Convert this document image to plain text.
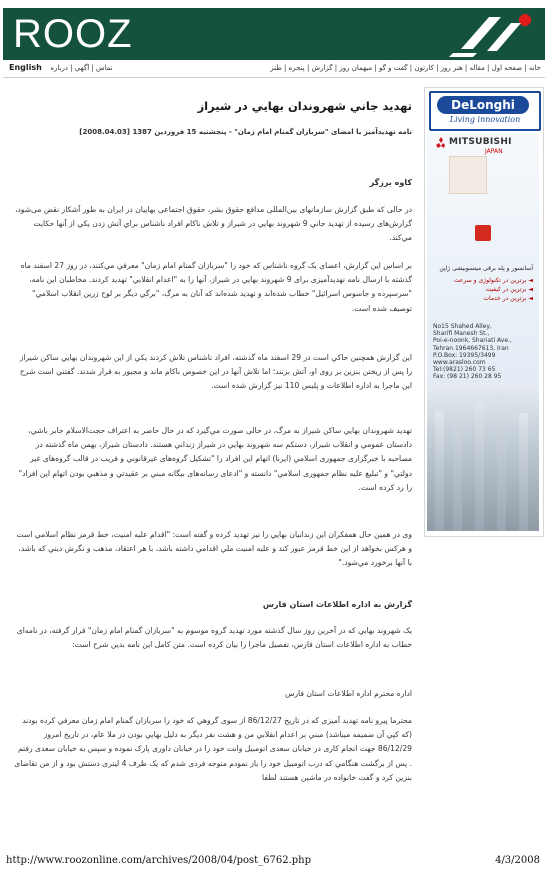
ROOZ
English تماس | آگهي | درباره	خانه | صفحه اول | مقاله | هنر روز | کارتون | گفت و گو | میهمان روز | گزارش | پنجره | طنز
DeLonghi
Living innovation
MITSUBISHI
JAPAN
آسانسور و پله برقی میتسوبیشی ژاپن
◄ برترین در تکنولوژی و سرعت
◄ برترین در کیفیت
◄ برترین در خدمات
No15 Shahed Alley,
Sharifi Manesh St.,
Poi-e-noonk, Shariati Ave.,
Tehran 1964667613, Iran
P.O.Box: 19395/3499
www.arasloo.com
Tel:(9821) 260 73 65
Fax: (98 21) 260 28 95
تهديد جاني شهروندان بهايي در شيراز
نامه تهديدآميز با امضای "سربازان گمنام امام زمان" - پنجشنبه 15 فروردين 1387 [2008.04.03]
کاوه برزگر
در حالی که طبق گزارش سازمانهای بین‌المللی مدافع حقوق بشر، حقوق اجتماعی بهاییان در ايران به طور آشکار نقض می‌شود، گزارش‌های رسیده از تهديد جاني 9 شهروند بهايي در شيراز و تلاش ناکام افراد ناشناس براي آتش زدن يکي از آنها حکايت مي‌کند.
بر اساس اين گزارش، اعضای يک گروه ناشناس که خود را "سربازان گمنام امام زمان" معرفي مي‌کنند، در روز 27 اسفند ماه گذشته با ارسال نامه تهديدآميزی برای 9 شهروند بهايي در شيراز، آنها را به "اعدام انقلابي" تهديد کردند. مخاطبان اين نامه، "سرسپرده و جاسوس اسرائيل" خطاب شده‌اند و تهديد شده‌اند که آنان به مرگ، "برگي ديگر بر لوح زرين انقلاب اسلامي" توصيف شده است.
اين گزارش همچنين حاکي است در 29 اسفند ماه گذشته، افراد ناشناس تلاش کردند يکي از اين شهروندان بهايي ساکن شيراز را پس از ريختن بنزين بر روی او، آتش بزنند؛ اما تلاش آنها در اين خصوص ناکام ماند و مجبور به فرار شدند. گفتني است شرح اين ماجرا به اداره اطلاعات و پليس 110 نيز گزارش شده است.
تهديد شهروندان بهايي ساکن شيراز به مرگ، در حالی صورت مي‌گيرد که در حال حاضر به اعتراف حجت‌الاسلام جابر باشي، دادستان عمومي و انقلاب شيراز، دستکم سه شهروند بهايي در شيراز زنداني هستند. دادستان شيراز، بهمن ماه گذشته در مصاحبه با خبرگزاری جمهوری اسلامي (ايرنا) اتهام اين افراد را "تشکيل گروه‌های غيرقانوني و فريب در قالب گروه‌های غير دولتي" و "تبليغ عليه نظام جمهوری اسلامي" دانسته و "ادعای رسانه‌های بيگانه مبني بر عقيدتي و مذهبي بودن اتهام اين افراد" را رد کرده است.
وی در همين حال همفکران اين زندانيان بهايي را نيز تهديد کرده و گفته است: "اقدام عليه امنيت، خط قرمز نظام اسلامي است و هرکس بخواهد از اين خط قرمز عبور کند و عليه امنيت ملي اقدامي داشته باشد، با هر اعتقاد، مذهب و نگرش ديني که باشد، با آنها برخورد مي‌شود."
گزارش به اداره اطلاعات استان فارس
يک شهروند بهايي که در آخرين روز سال گذشته مورد تهديد گروه موسوم به "سربازان گمنام امام زمان" قرار گرفته، در نامه‌ای خطاب به اداره اطلاعات استان فارس، تفصيل ماجرا را بيان کرده است. متن کامل اين نامه بدين شرح است:
اداره محترم اداره اطلاعات استان فارس
محترما پيرو نامه تهديد آميزی که در تاريخ 86/12/27 از سوی گروهي که خود را سربازان گمنام امام زمان معرفي کرده بودند (که کپي آن ضميمه ميباشد) مبني بر اعدام انقلابي من و هشت نفر ديگر به دليل بهايي بودن در ملا عام، در تاريخ امروز 86/12/29 جهت انجام کاری در خيابان سعدی اتومبيل وانت خود را در خيابان داوری پارک نموده و سپس به خيابان سعدی رفتم . پس از برگشت هنگامي که درب اتومبيل خود را باز نمودم متوجه فردی شدم که يک ظرف 4 ليتری دستش بود و از من تقاضای بنزين کرد و گفت خانواده در ماشين هستند لطفا
http://www.roozonline.com/archives/2008/04/post_6762.php	4/3/2008
